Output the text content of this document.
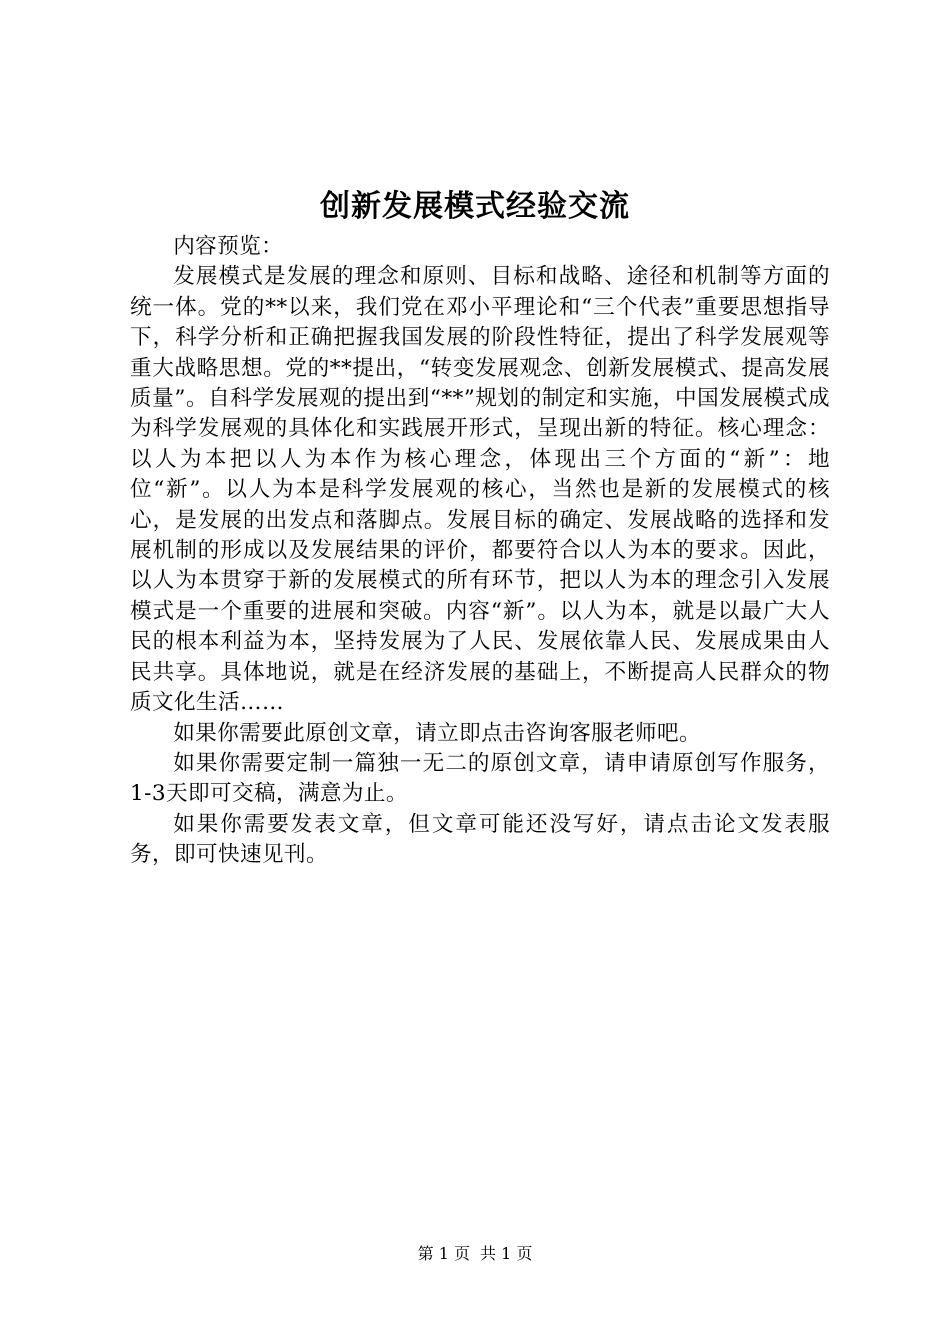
创新发展模式经验交流

内容预览：

发展模式是发展的理念和原则、目标和战略、途径和机制等方面的统一体。党的**以来，我们党在邓小平理论和“三个代表”重要思想指导下，科学分析和正确把握我国发展的阶段性特征，提出了科学发展观等重大战略思想。党的**提出，“转变发展观念、创新发展模式、提高发展质量”。自科学发展观的提出到“**”规划的制定和实施，中国发展模式成为科学发展观的具体化和实践展开形式，呈现出新的特征。核心理念：以人为本把以人为本作为核心理念，体现出三个方面的“新”：地位“新”。以人为本是科学发展观的核心，当然也是新的发展模式的核心，是发展的出发点和落脚点。发展目标的确定、发展战略的选择和发展机制的形成以及发展结果的评价，都要符合以人为本的要求。因此，以人为本贯穿于新的发展模式的所有环节，把以人为本的理念引入发展模式是一个重要的进展和突破。内容“新”。以人为本，就是以最广大人民的根本利益为本，坚持发展为了人民、发展依靠人民、发展成果由人民共享。具体地说，就是在经济发展的基础上，不断提高人民群众的物质文化生活……

如果你需要此原创文章，请立即点击咨询客服老师吧。

如果你需要定制一篇独一无二的原创文章，请申请原创写作服务，1-3天即可交稿，满意为止。

如果你需要发表文章，但文章可能还没写好，请点击论文发表服务，即可快速见刊。

第 1 页 共 1 页
